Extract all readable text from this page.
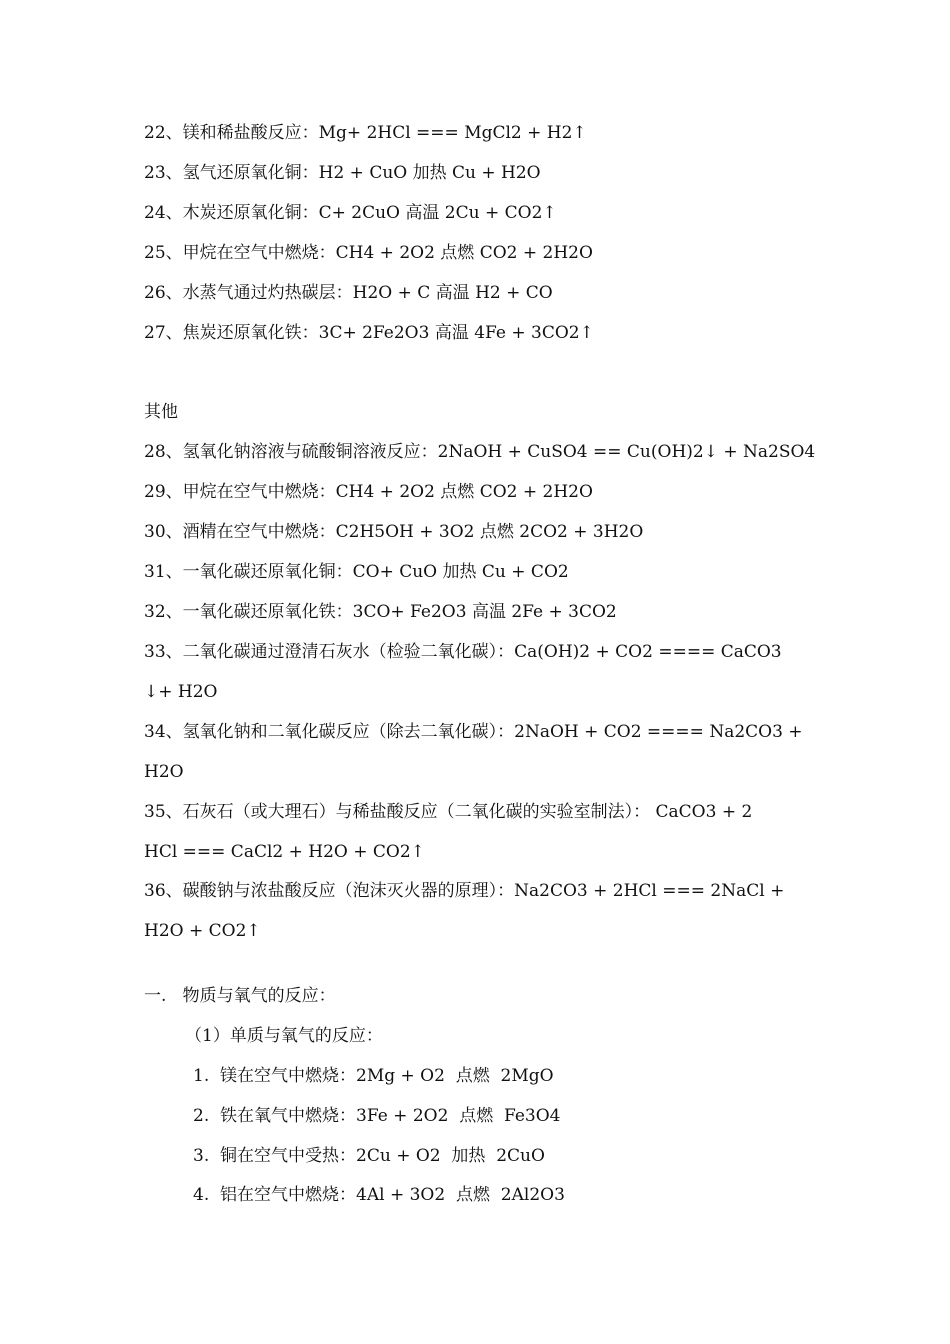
22、镁和稀盐酸反应：Mg+ 2HCl === MgCl2 + H2↑
23、氢气还原氧化铜：H2 + CuO 加热 Cu + H2O
24、木炭还原氧化铜：C+ 2CuO 高温 2Cu + CO2↑
25、甲烷在空气中燃烧：CH4 + 2O2 点燃 CO2 + 2H2O
26、水蒸气通过灼热碳层：H2O + C 高温 H2 + CO
27、焦炭还原氧化铁：3C+ 2Fe2O3 高温 4Fe + 3CO2↑
其他
28、氢氧化钠溶液与硫酸铜溶液反应：2NaOH + CuSO4 == Cu(OH)2↓ + Na2SO4
29、甲烷在空气中燃烧：CH4 + 2O2 点燃 CO2 + 2H2O
30、酒精在空气中燃烧：C2H5OH + 3O2 点燃 2CO2 + 3H2O
31、一氧化碳还原氧化铜：CO+ CuO 加热 Cu + CO2
32、一氧化碳还原氧化铁：3CO+ Fe2O3 高温 2Fe + 3CO2
33、二氧化碳通过澄清石灰水（检验二氧化碳）：Ca(OH)2 + CO2 ==== CaCO3
↓+ H2O
34、氢氧化钠和二氧化碳反应（除去二氧化碳）：2NaOH + CO2 ==== Na2CO3 +
H2O
35、石灰石（或大理石）与稀盐酸反应（二氧化碳的实验室制法）： CaCO3 + 2
HCl === CaCl2 + H2O + CO2↑
36、碳酸钠与浓盐酸反应（泡沫灭火器的原理）：Na2CO3 + 2HCl === 2NaCl +
H2O + CO2↑
一.   物质与氧气的反应：
（1）单质与氧气的反应：
1.  镁在空气中燃烧：2Mg + O2  点燃  2MgO
2.  铁在氧气中燃烧：3Fe + 2O2  点燃  Fe3O4
3.  铜在空气中受热：2Cu + O2  加热  2CuO
4.  铝在空气中燃烧：4Al + 3O2  点燃  2Al2O3
